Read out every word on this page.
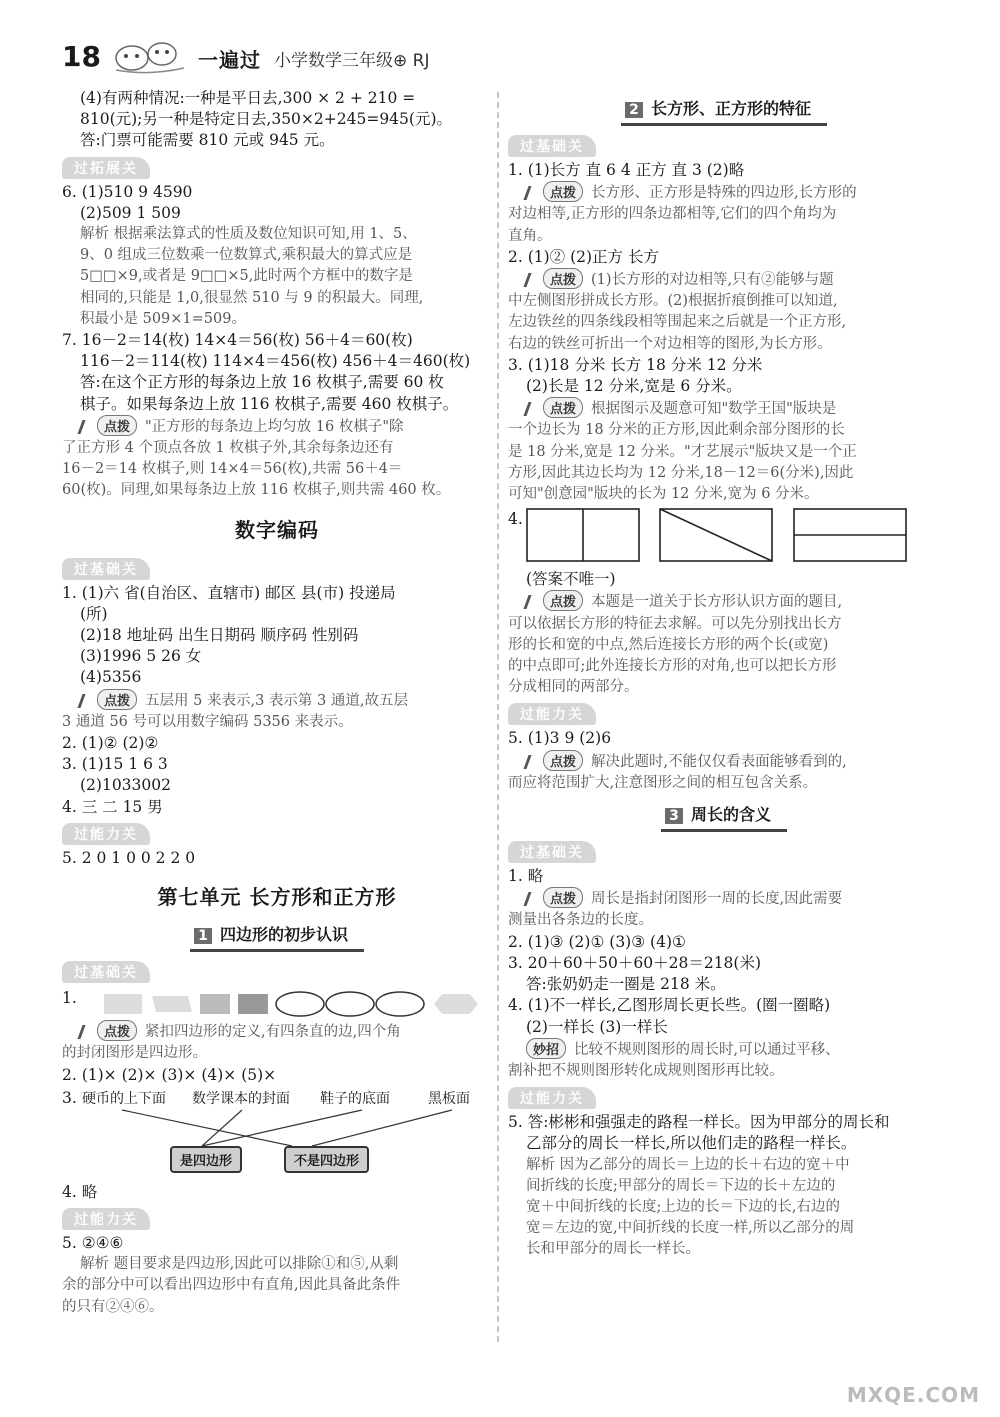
18	一遍过 小学数学三年级⊕ RJ
(4)有两种情况:一种是平日去,300 × 2 + 210 =
810(元);另一种是特定日去,350×2+245=945(元)。
答:门票可能需要 810 元或 945 元。
过拓展关
6. (1)510 9 4590
(2)509 1 509
解析 根据乘法算式的性质及数位知识可知,用 1、5、
9、0 组成三位数乘一位数算式,乘积最大的算式应是
5□□×9,或者是 9□□×5,此时两个方框中的数字是
相同的,只能是 1,0,很显然 510 与 9 的积最大。同理,
积最小是 509×1=509。
7. 16－2＝14(枚) 14×4＝56(枚) 56＋4＝60(枚)
116－2＝114(枚) 114×4＝456(枚) 456＋4＝460(枚)
答:在这个正方形的每条边上放 16 枚棋子,需要 60 枚
棋子。如果每条边上放 116 枚棋子,需要 460 枚棋子。
点拨 "正方形的每条边上均匀放 16 枚棋子"除
了正方形 4 个顶点各放 1 枚棋子外,其余每条边还有
16－2＝14 枚棋子,则 14×4＝56(枚),共需 56＋4＝
60(枚)。同理,如果每条边上放 116 枚棋子,则共需 460 枚。
数字编码
过基础关
1. (1)六 省(自治区、直辖市) 邮区 县(市) 投递局
(所)
(2)18 地址码 出生日期码 顺序码 性别码
(3)1996 5 26 女
(4)5356
点拨 五层用 5 来表示,3 表示第 3 通道,故五层
3 通道 56 号可以用数字编码 5356 来表示。
2. (1)② (2)②
3. (1)15 1 6 3
(2)1033002
4. 三 二 15 男
过能力关
5. 2 0 1 0 0 2 2 0
第七单元 长方形和正方形
1 四边形的初步认识
过基础关
1.
点拨 紧扣四边形的定义,有四条直的边,四个角
的封闭图形是四边形。
2. (1)× (2)× (3)× (4)× (5)×
3. 硬币的上下面 数学课本的封面 鞋子的底面	黑板面
是四边形	不是四边形
4. 略
过能力关
5. ②④⑥
解析 题目要求是四边形,因此可以排除①和⑤,从剩
余的部分中可以看出四边形中有直角,因此具备此条件
的只有②④⑥。
2 长方形、正方形的特征
过基础关
1. (1)长方 直 6 4 正方 直 3 (2)略
点拨 长方形、正方形是特殊的四边形,长方形的
对边相等,正方形的四条边都相等,它们的四个角均为
直角。
2. (1)② (2)正方 长方
点拨 (1)长方形的对边相等,只有②能够与题
中左侧图形拼成长方形。(2)根据折痕倒推可以知道,
左边铁丝的四条线段相等围起来之后就是一个正方形,
右边的铁丝可折出一个对边相等的图形,为长方形。
3. (1)18 分米 长方 18 分米 12 分米
(2)长是 12 分米,宽是 6 分米。
点拨 根据图示及题意可知"数学王国"版块是
一个边长为 18 分米的正方形,因此剩余部分图形的长
是 18 分米,宽是 12 分米。"才艺展示"版块又是一个正
方形,因此其边长均为 12 分米,18－12＝6(分米),因此
可知"创意园"版块的长为 12 分米,宽为 6 分米。
4.
(答案不唯一)
点拨 本题是一道关于长方形认识方面的题目,
可以依据长方形的特征去求解。可以先分别找出长方
形的长和宽的中点,然后连接长方形的两个长(或宽)
的中点即可;此外连接长方形的对角,也可以把长方形
分成相同的两部分。
过能力关
5. (1)3 9 (2)6
点拨 解决此题时,不能仅仅看表面能够看到的,
而应将范围扩大,注意图形之间的相互包含关系。
3 周长的含义
过基础关
1. 略
点拨 周长是指封闭图形一周的长度,因此需要
测量出各条边的长度。
2. (1)③ (2)① (3)③ (4)①
3. 20＋60＋50＋60＋28＝218(米)
答:张奶奶走一圈是 218 米。
4. (1)不一样长,乙图形周长更长些。(圈一圈略)
(2)一样长 (3)一样长
妙招 比较不规则图形的周长时,可以通过平移、
割补把不规则图形转化成规则图形再比较。
过能力关
5. 答:彬彬和强强走的路程一样长。因为甲部分的周长和
乙部分的周长一样长,所以他们走的路程一样长。
解析 因为乙部分的周长＝上边的长＋右边的宽＋中
间折线的长度;甲部分的周长＝下边的长＋左边的
宽＋中间折线的长度;上边的长＝下边的长,右边的
宽＝左边的宽,中间折线的长度一样,所以乙部分的周
长和甲部分的周长一样长。
MXQE.COM
